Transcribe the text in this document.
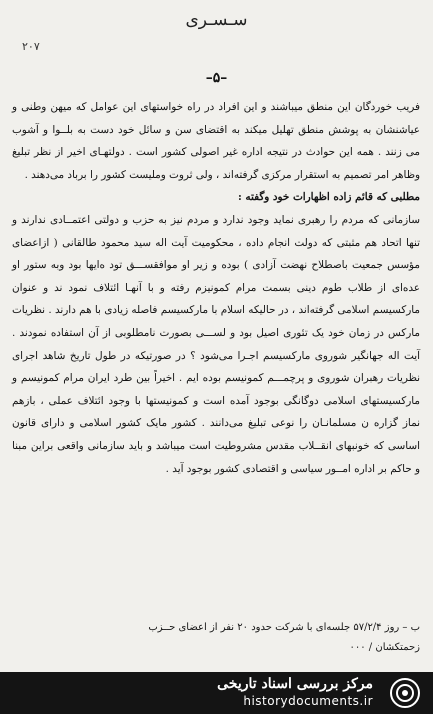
سـسـری
۲۰۷
–۵–

فریب خوردگان این منطق میباشند و این افراد در راه خواستهای این عوامل که میهن وطنی و عیاشنشان به پوشش منطق تهلیل میکند به اقتضای سن و سائل خود دست به بلــوا و آشوب می زنند . همه این حوادث در نتیجه اداره غیر اصولی کشور است . دولتهـای اخیر از نظر تبلیغ وظاهر امر تصمیم به استقرار مرکزی گرفته‌اند ، ولی ثروت وملیست کشور را برباد می‌دهند .

مطلبی که قائم زاده اظهارات خود وگفته :

سازمانی که مردم را رهبری نماید وجود ندارد و مردم نیز به حزب و دولتی اعتمــادی ندارند و تنها اتحاد هم مثبتی که دولت انجام داده ، محکومیت آیت اله سید محمود طالقانی ( ازاعضای مؤسس جمعیت باصطلاح نهضت آزادی ) بوده و زیر او موافقســـق تود ه‌ایها بود وبه ستور او عده‌ای از طلاب طوم دینی بسمت مرام کمونیزم رفته و با آنهـا ائتلاف نمود ند و عنوان مارکسیسم اسلامی گرفته‌اند ، در حالیکه اسلام با مارکسیسم فاصله زیادی با هم دارند . نظریات مارکس در زمان خود یک تئوری اصیل بود و لســـی بصورت نامطلوبی از آن استفاده نمودند . آیت اله جهانگیر شوروی مارکسیسم اجـرا می‌شود ؟ در صورتیکه در طول تاریخ شاهد اجرای نظریات رهبران شوروی و پرچمـــم کمونیسم بوده ایم . اخیراً بین طرد ایران مرام کمونیسم و مارکسیستهای اسلامی دوگانگی بوجود آمده است و کمونیستها با وجود ائتلاف عملی ، بازهم نماز گزاره ن مسلمانـان را نوعی تبلیغ می‌دانند . کشور مایک کشور اسلامی و دارای قانون اساسی که خونبهای انقــلاب مقدس مشروطیت است میباشد و باید سازمانی واقعی براین مبنا و حاکم بر اداره امــور سیاسی و اقتصادی کشور بوجود آید .

ب – روز ۵۷/۲/۴ جلسه‌ای با شرکت حدود ۲۰ نفر از اعضای حــزب
زحمتکشان / ۰۰۰
مرکز بررسی اسناد تاریخی
historydocuments.ir
